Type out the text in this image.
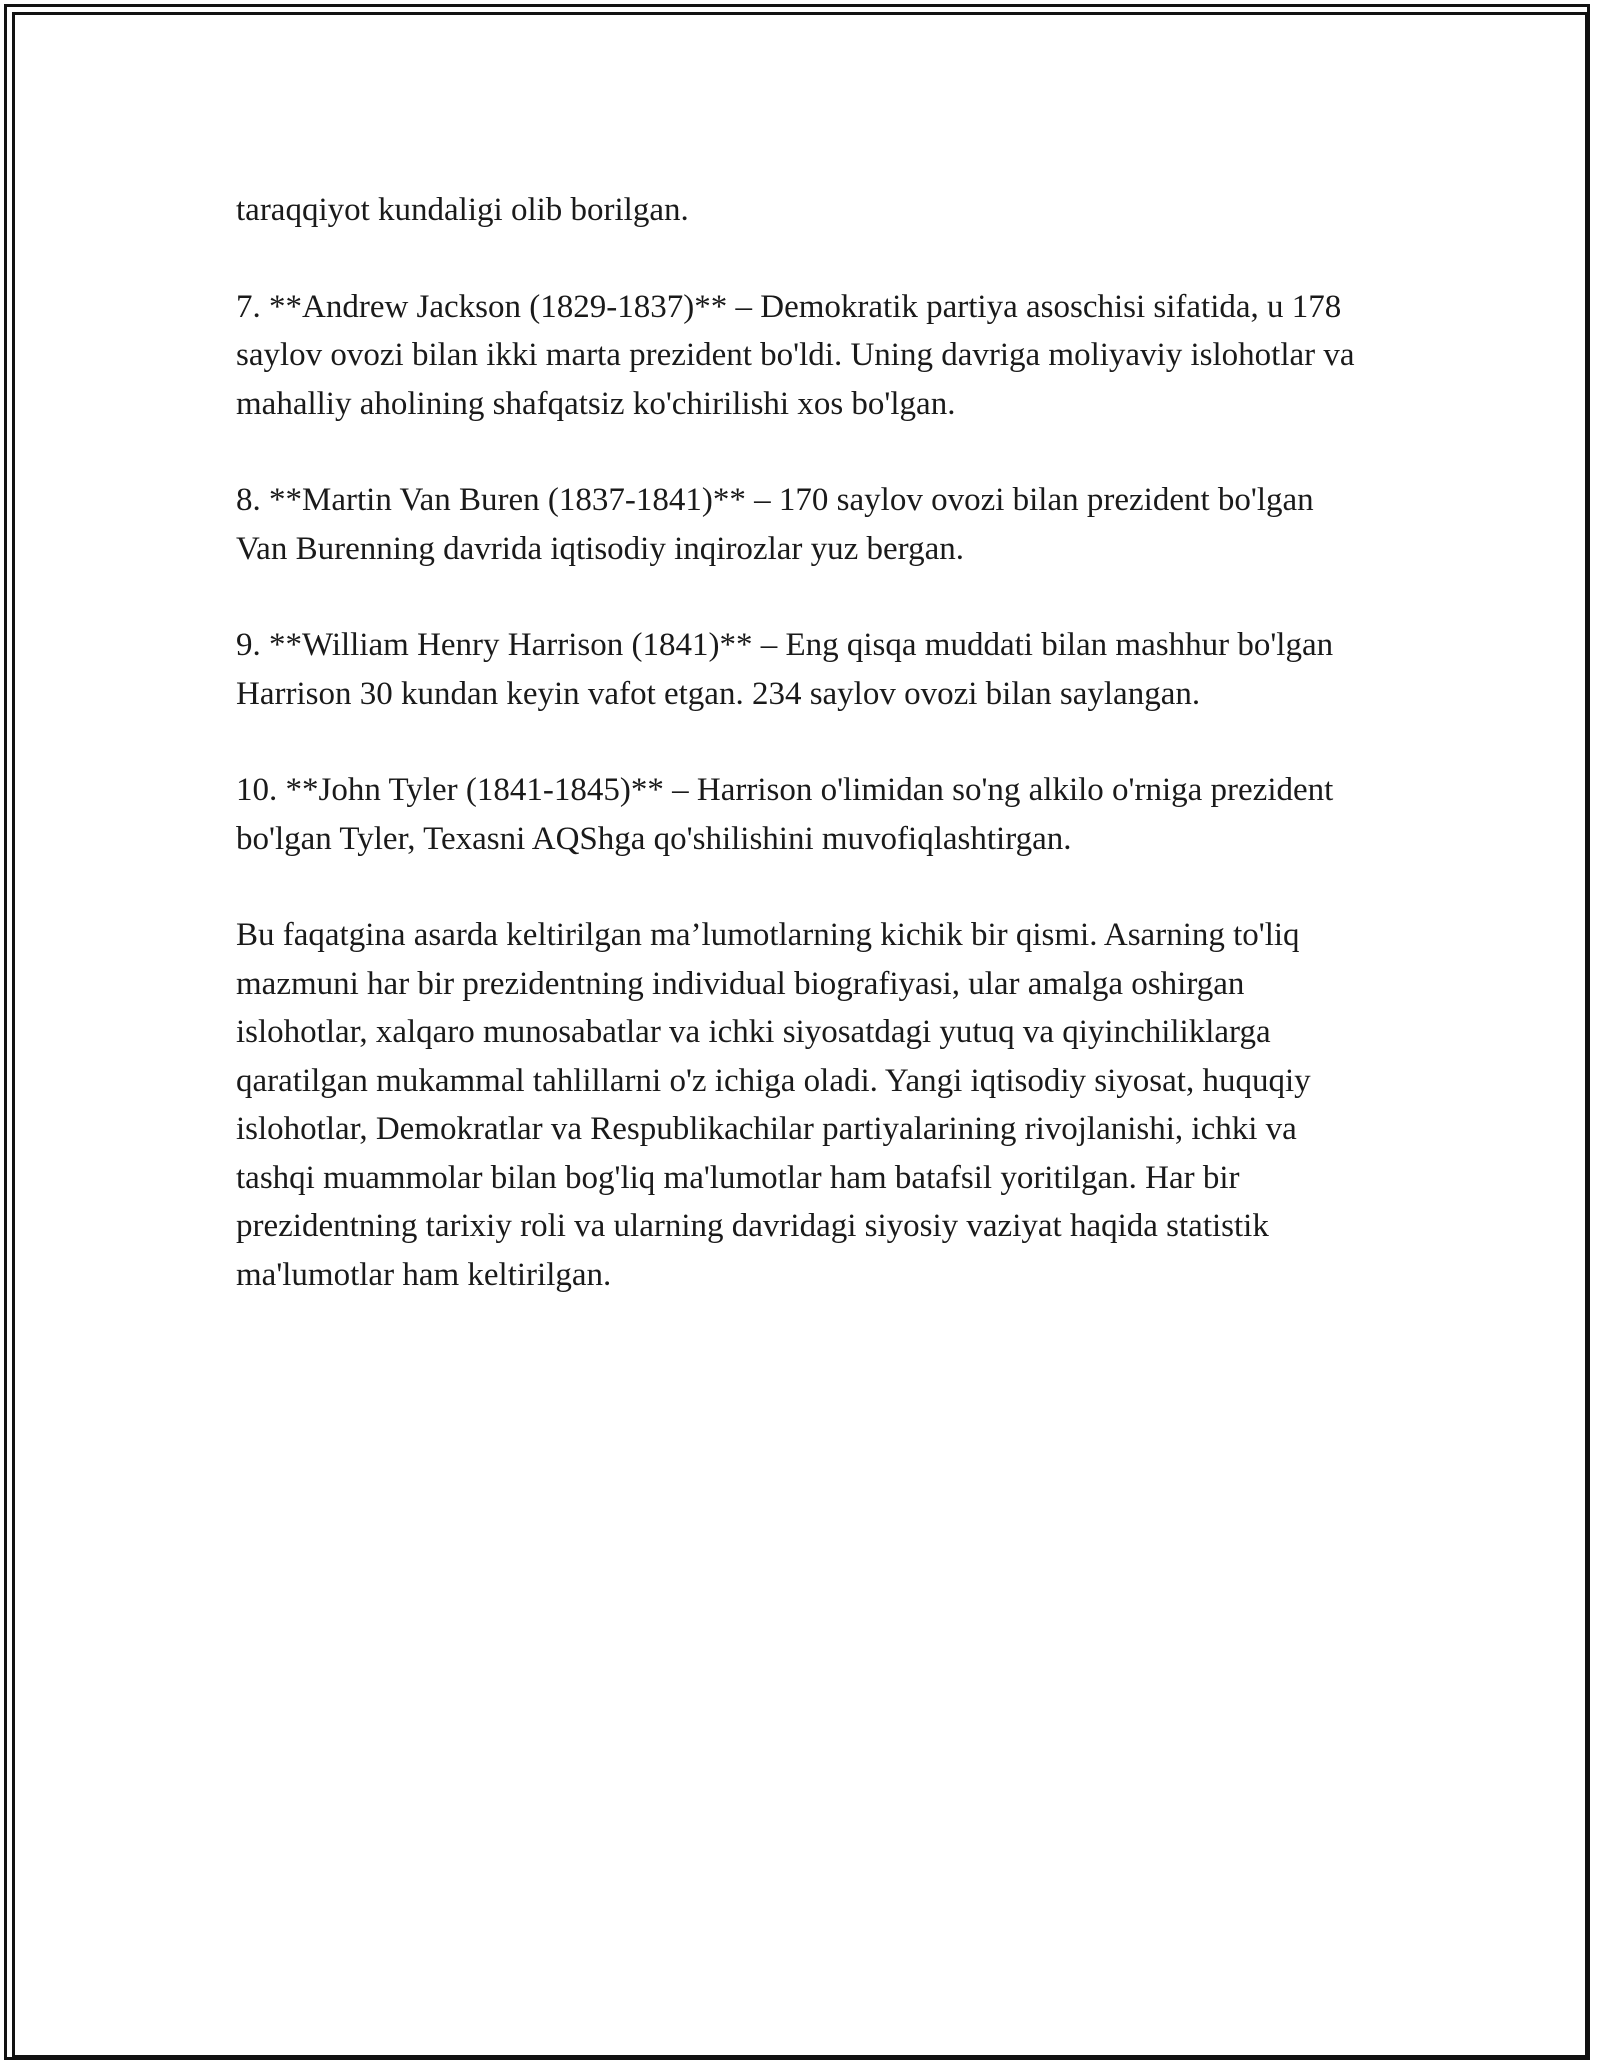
taraqqiyot kundaligi olib borilgan.

7. **Andrew Jackson (1829-1837)** – Demokratik partiya asoschisi sifatida, u 178 saylov ovozi bilan ikki marta prezident bo'ldi. Uning davriga moliyaviy islohotlar va mahalliy aholining shafqatsiz ko'chirilishi xos bo'lgan.

8. **Martin Van Buren (1837-1841)** – 170 saylov ovozi bilan prezident bo'lgan Van Burenning davrida iqtisodiy inqirozlar yuz bergan.

9. **William Henry Harrison (1841)** – Eng qisqa muddati bilan mashhur bo'lgan Harrison 30 kundan keyin vafot etgan. 234 saylov ovozi bilan saylangan.

10. **John Tyler (1841-1845)** – Harrison o'limidan so'ng alkilo o'rniga prezident bo'lgan Tyler, Texasni AQShga qo'shilishini muvofiqlashtirgan.

Bu faqatgina asarda keltirilgan ma’lumotlarning kichik bir qismi. Asarning to'liq mazmuni har bir prezidentning individual biografiyasi, ular amalga oshirgan islohotlar, xalqaro munosabatlar va ichki siyosatdagi yutuq va qiyinchiliklarga qaratilgan mukammal tahlillarni o'z ichiga oladi. Yangi iqtisodiy siyosat, huquqiy islohotlar, Demokratlar va Respublikachilar partiyalarining rivojlanishi, ichki va tashqi muammolar bilan bog'liq ma'lumotlar ham batafsil yoritilgan. Har bir prezidentning tarixiy roli va ularning davridagi siyosiy vaziyat haqida statistik ma'lumotlar ham keltirilgan.
